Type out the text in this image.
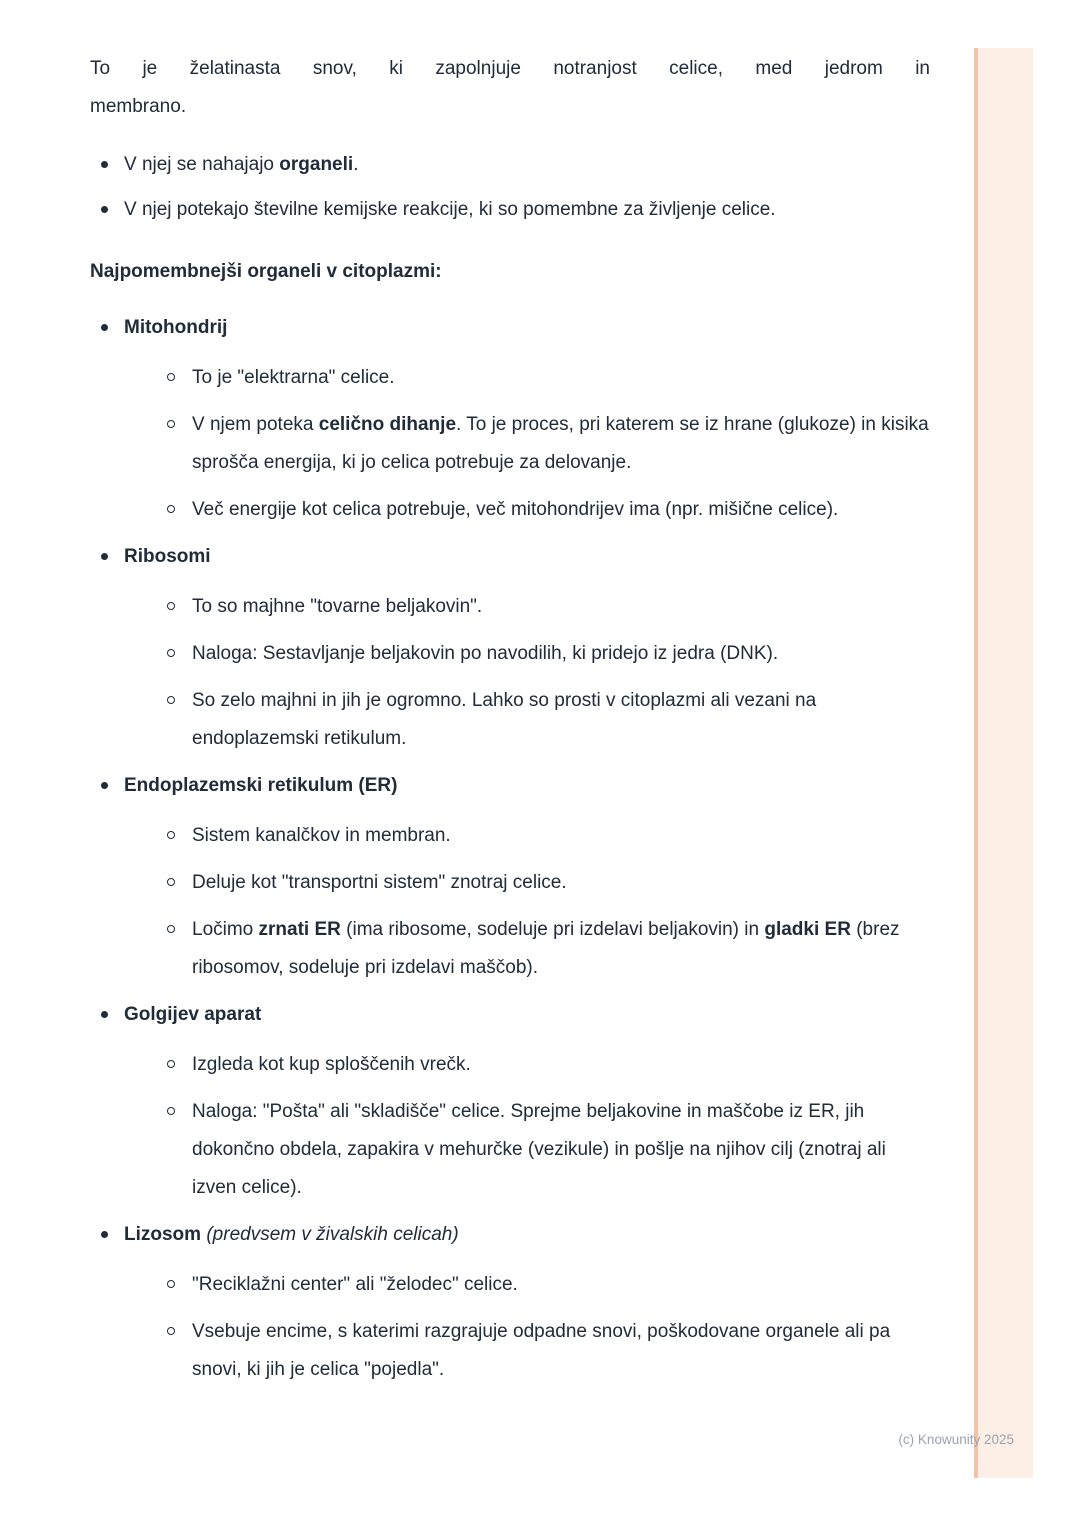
To je želatinasta snov, ki zapolnjuje notranjost celice, med jedrom in
membrano.
V njej se nahajajo organeli.
V njej potekajo številne kemijske reakcije, ki so pomembne za življenje celice.

Najpomembnejši organeli v citoplazmi:

Mitohondrij
To je "elektrarna" celice.
V njem poteka celično dihanje. To je proces, pri katerem se iz hrane (glukoze) in kisika sprošča energija, ki jo celica potrebuje za delovanje.
Več energije kot celica potrebuje, več mitohondrijev ima (npr. mišične celice).
Ribosomi
To so majhne "tovarne beljakovin".
Naloga: Sestavljanje beljakovin po navodilih, ki pridejo iz jedra (DNK).
So zelo majhni in jih je ogromno. Lahko so prosti v citoplazmi ali vezani na endoplazemski retikulum.
Endoplazemski retikulum (ER)
Sistem kanalčkov in membran.
Deluje kot "transportni sistem" znotraj celice.
Ločimo zrnati ER (ima ribosome, sodeluje pri izdelavi beljakovin) in gladki ER (brez ribosomov, sodeluje pri izdelavi maščob).
Golgijev aparat
Izgleda kot kup sploščenih vrečk.
Naloga: "Pošta" ali "skladišče" celice. Sprejme beljakovine in maščobe iz ER, jih dokončno obdela, zapakira v mehurčke (vezikule) in pošlje na njihov cilj (znotraj ali izven celice).
Lizosom (predvsem v živalskih celicah)
"Reciklažni center" ali "želodec" celice.
Vsebuje encime, s katerimi razgrajuje odpadne snovi, poškodovane organele ali pa snovi, ki jih je celica "pojedla".
(c) Knowunity 2025
